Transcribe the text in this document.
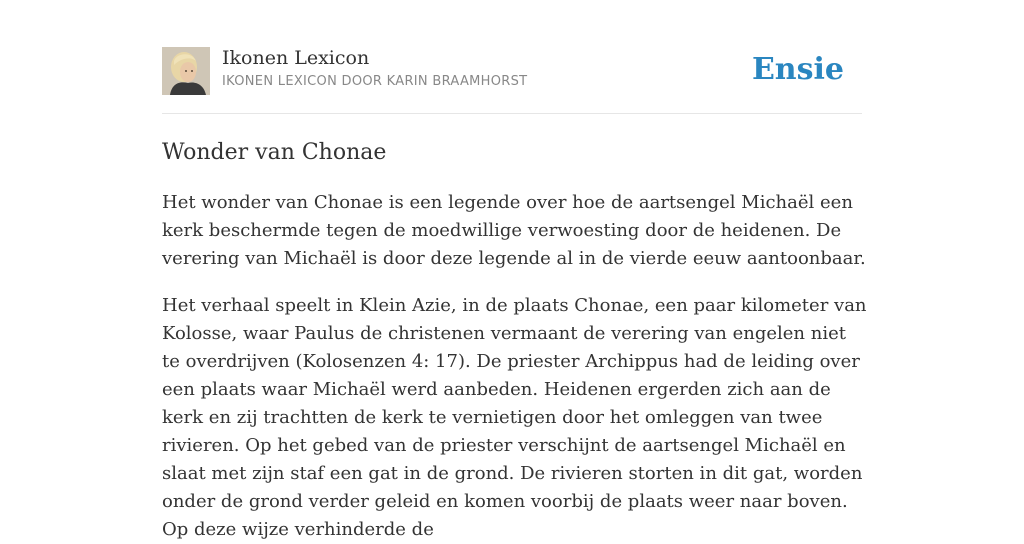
Ikonen Lexicon
IKONEN LEXICON DOOR KARIN BRAAMHORST	Ensie
Wonder van Chonae

Het wonder van Chonae is een legende over hoe de aartsengel Michaël een kerk beschermde tegen de moedwillige verwoesting door de heidenen. De verering van Michaël is door deze legende al in de vierde eeuw aantoonbaar.

Het verhaal speelt in Klein Azie, in de plaats Chonae, een paar kilometer van Kolosse, waar Paulus de christenen vermaant de verering van engelen niet te overdrijven (Kolosenzen 4: 17). De priester Archippus had de leiding over een plaats waar Michaël werd aanbeden. Heidenen ergerden zich aan de kerk en zij trachtten de kerk te vernietigen door het omleggen van twee rivieren. Op het gebed van de priester verschijnt de aartsengel Michaël en slaat met zijn staf een gat in de grond. De rivieren storten in dit gat, worden onder de grond verder geleid en komen voorbij de plaats weer naar boven. Op deze wijze verhinderde de
